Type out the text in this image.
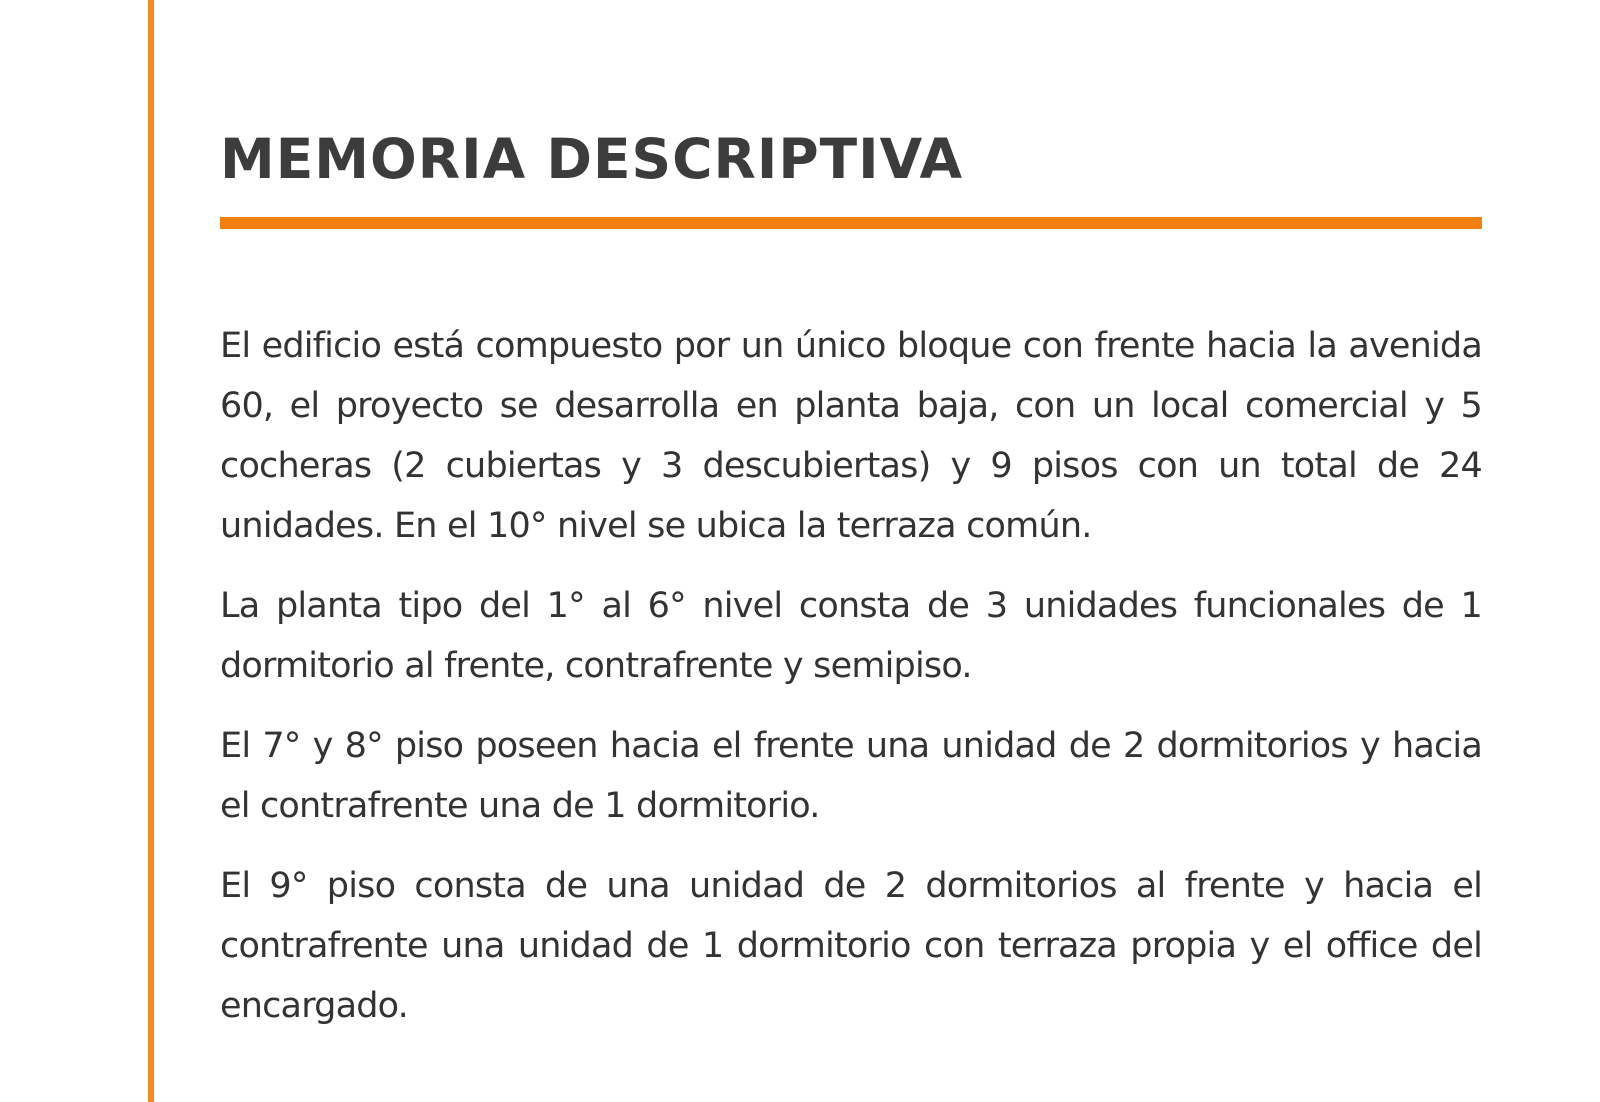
MEMORIA DESCRIPTIVA

El edificio está compuesto por un único bloque con frente hacia la avenida 60, el proyecto se desarrolla en planta baja, con un local comercial y 5 cocheras (2 cubiertas y 3 descubiertas) y 9 pisos con un total de 24 unidades. En el 10° nivel se ubica la terraza común.

La planta tipo del 1° al 6° nivel consta de 3 unidades funcionales de 1 dormitorio al frente, contrafrente y semipiso.

El 7° y 8° piso poseen hacia el frente una unidad de 2 dormitorios y hacia el contrafrente una de 1 dormitorio.

El 9° piso consta de una unidad de 2 dormitorios al frente y hacia el contrafrente una unidad de 1 dormitorio con terraza propia y el office del encargado.
